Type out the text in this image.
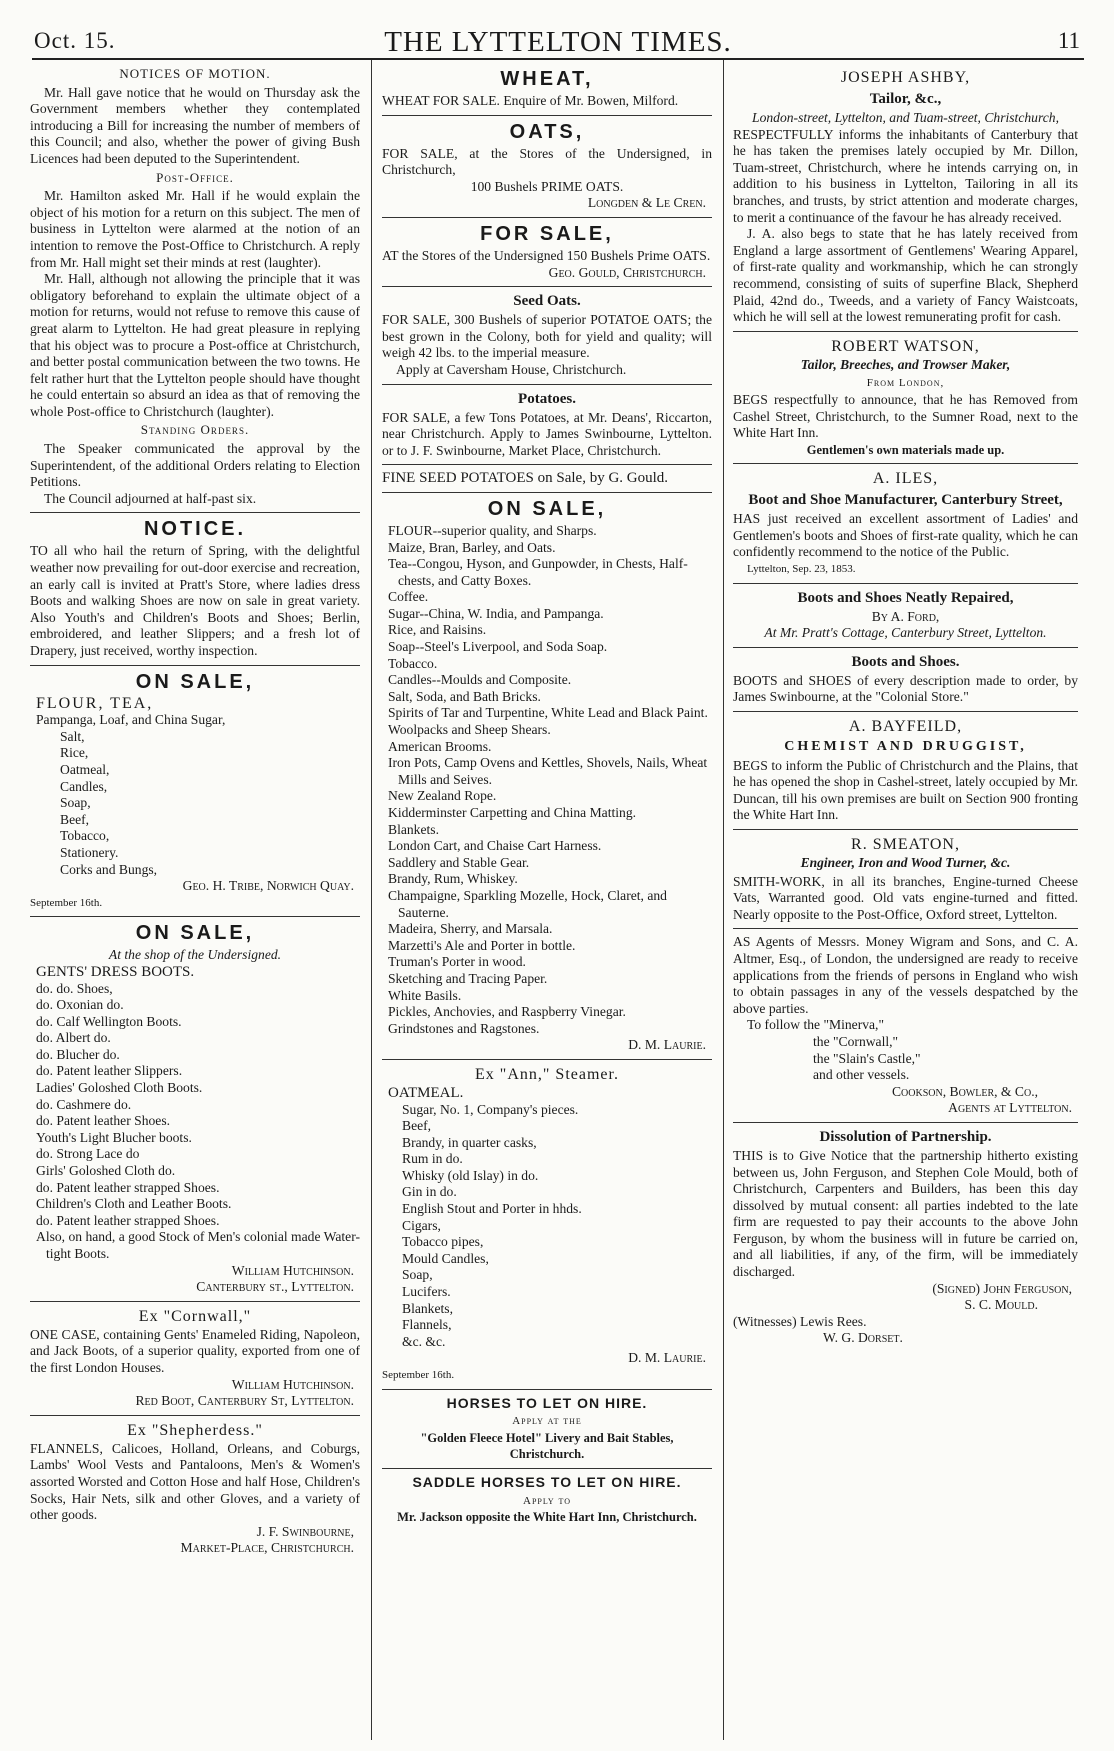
Oct. 15.	THE LYTTELTON TIMES.	11
NOTICES OF MOTION.

Mr. Hall gave notice that he would on Thursday ask the Government members whether they contemplated introducing a Bill for increasing the number of members of this Council; and also, whether the power of giving Bush Licences had been deputed to the Superintendent.

Post-Office.

Mr. Hamilton asked Mr. Hall if he would explain the object of his motion for a return on this subject. The men of business in Lyttelton were alarmed at the notion of an intention to remove the Post-Office to Christchurch. A reply from Mr. Hall might set their minds at rest (laughter).

Mr. Hall, although not allowing the principle that it was obligatory beforehand to explain the ultimate object of a motion for returns, would not refuse to remove this cause of great alarm to Lyttelton. He had great pleasure in replying that his object was to procure a Post-office at Christchurch, and better postal communication between the two towns. He felt rather hurt that the Lyttelton people should have thought he could entertain so absurd an idea as that of removing the whole Post-office to Christchurch (laughter).

Standing Orders.

The Speaker communicated the approval by the Superintendent, of the additional Orders relating to Election Petitions.

The Council adjourned at half-past six.

NOTICE.

TO all who hail the return of Spring, with the delightful weather now prevailing for out-door exercise and recreation, an early call is invited at Pratt's Store, where ladies dress Boots and walking Shoes are now on sale in great variety. Also Youth's and Children's Boots and Shoes; Berlin, embroidered, and leather Slippers; and a fresh lot of Drapery, just received, worthy inspection.

ON SALE,
FLOUR, TEA,
Pampanga, Loaf, and China Sugar,
Salt,
Rice,
Oatmeal,
Candles,
Soap,
Beef,
Tobacco,
Stationery.
Corks and Bungs,
Geo. H. Tribe, Norwich Quay.
September 16th.
ON SALE,
At the shop of the Undersigned.
GENTS' DRESS BOOTS.
do. do. Shoes,
do. Oxonian do.
do. Calf Wellington Boots.
do. Albert do.
do. Blucher do.
do. Patent leather Slippers.
Ladies' Goloshed Cloth Boots.
do. Cashmere do.
do. Patent leather Shoes.
Youth's Light Blucher boots.
do. Strong Lace do
Girls' Goloshed Cloth do.
do. Patent leather strapped Shoes.
Children's Cloth and Leather Boots.
do. Patent leather strapped Shoes.
Also, on hand, a good Stock of Men's colonial made Water-tight Boots.
William Hutchinson.
Canterbury st., Lyttelton.
Ex "Cornwall,"

ONE CASE, containing Gents' Enameled Riding, Napoleon, and Jack Boots, of a superior quality, exported from one of the first London Houses.

William Hutchinson.
Red Boot, Canterbury St, Lyttelton.
Ex "Shepherdess."

FLANNELS, Calicoes, Holland, Orleans, and Coburgs, Lambs' Wool Vests and Pantaloons, Men's & Women's assorted Worsted and Cotton Hose and half Hose, Children's Socks, Hair Nets, silk and other Gloves, and a variety of other goods.

J. F. Swinbourne,
Market-Place, Christchurch.
WHEAT,

WHEAT FOR SALE. Enquire of Mr. Bowen, Milford.

OATS,

FOR SALE, at the Stores of the Undersigned, in Christchurch,

100 Bushels PRIME OATS.
Longden & Le Cren.
FOR SALE,

AT the Stores of the Undersigned 150 Bushels Prime OATS.

Geo. Gould, Christchurch.
Seed Oats.

FOR SALE, 300 Bushels of superior POTATOE OATS; the best grown in the Colony, both for yield and quality; will weigh 42 lbs. to the imperial measure.

Apply at Caversham House, Christchurch.

Potatoes.

FOR SALE, a few Tons Potatoes, at Mr. Deans', Riccarton, near Christchurch. Apply to James Swinbourne, Lyttelton. or to J. F. Swinbourne, Market Place, Christchurch.

FINE SEED POTATOES on Sale, by G. Gould.

ON SALE,
FLOUR--superior quality, and Sharps.
Maize, Bran, Barley, and Oats.
Tea--Congou, Hyson, and Gunpowder, in Chests, Half-chests, and Catty Boxes.
Coffee.
Sugar--China, W. India, and Pampanga.
Rice, and Raisins.
Soap--Steel's Liverpool, and Soda Soap.
Tobacco.
Candles--Moulds and Composite.
Salt, Soda, and Bath Bricks.
Spirits of Tar and Turpentine, White Lead and Black Paint.
Woolpacks and Sheep Shears.
American Brooms.
Iron Pots, Camp Ovens and Kettles, Shovels, Nails, Wheat Mills and Seives.
New Zealand Rope.
Kidderminster Carpetting and China Matting.
Blankets.
London Cart, and Chaise Cart Harness.
Saddlery and Stable Gear.
Brandy, Rum, Whiskey.
Champaigne, Sparkling Mozelle, Hock, Claret, and Sauterne.
Madeira, Sherry, and Marsala.
Marzetti's Ale and Porter in bottle.
Truman's Porter in wood.
Sketching and Tracing Paper.
White Basils.
Pickles, Anchovies, and Raspberry Vinegar.
Grindstones and Ragstones.
D. M. Laurie.
Ex "Ann," Steamer.
OATMEAL.
Sugar, No. 1, Company's pieces.
Beef,
Brandy, in quarter casks,
Rum in do.
Whisky (old Islay) in do.
Gin in do.
English Stout and Porter in hhds.
Cigars,
Tobacco pipes,
Mould Candles,
Soap,
Lucifers.
Blankets,
Flannels,
&c. &c.
D. M. Laurie.
September 16th.
HORSES TO LET ON HIRE.
Apply at the
"Golden Fleece Hotel" Livery and Bait Stables, Christchurch.
SADDLE HORSES TO LET ON HIRE.
Apply to
Mr. Jackson opposite the White Hart Inn, Christchurch.
JOSEPH ASHBY,
Tailor, &c.,
London-street, Lyttelton, and Tuam-street, Christchurch,

RESPECTFULLY informs the inhabitants of Canterbury that he has taken the premises lately occupied by Mr. Dillon, Tuam-street, Christchurch, where he intends carrying on, in addition to his business in Lyttelton, Tailoring in all its branches, and trusts, by strict attention and moderate charges, to merit a continuance of the favour he has already received.

J. A. also begs to state that he has lately received from England a large assortment of Gentlemens' Wearing Apparel, of first-rate quality and workmanship, which he can strongly recommend, consisting of suits of superfine Black, Shepherd Plaid, 42nd do., Tweeds, and a variety of Fancy Waistcoats, which he will sell at the lowest remunerating profit for cash.

ROBERT WATSON,
Tailor, Breeches, and Trowser Maker,
From London,

BEGS respectfully to announce, that he has Removed from Cashel Street, Christchurch, to the Sumner Road, next to the White Hart Inn.

Gentlemen's own materials made up.
A. ILES,
Boot and Shoe Manufacturer, Canterbury Street,

HAS just received an excellent assortment of Ladies' and Gentlemen's boots and Shoes of first-rate quality, which he can confidently recommend to the notice of the Public.

Lyttelton, Sep. 23, 1853.
Boots and Shoes Neatly Repaired,
By A. Ford,
At Mr. Pratt's Cottage, Canterbury Street, Lyttelton.
Boots and Shoes.

BOOTS and SHOES of every description made to order, by James Swinbourne, at the "Colonial Store."

A. BAYFEILD,
CHEMIST AND DRUGGIST,

BEGS to inform the Public of Christchurch and the Plains, that he has opened the shop in Cashel-street, lately occupied by Mr. Duncan, till his own premises are built on Section 900 fronting the White Hart Inn.

R. SMEATON,
Engineer, Iron and Wood Turner, &c.

SMITH-WORK, in all its branches, Engine-turned Cheese Vats, Warranted good. Old vats engine-turned and fitted. Nearly opposite to the Post-Office, Oxford street, Lyttelton.

AS Agents of Messrs. Money Wigram and Sons, and C. A. Altmer, Esq., of London, the undersigned are ready to receive applications from the friends of persons in England who wish to obtain passages in any of the vessels despatched by the above parties.

To follow the "Minerva,"
the "Cornwall,"
the "Slain's Castle,"
and other vessels.
Cookson, Bowler, & Co.,
Agents at Lyttelton.
Dissolution of Partnership.

THIS is to Give Notice that the partnership hitherto existing between us, John Ferguson, and Stephen Cole Mould, both of Christchurch, Carpenters and Builders, has been this day dissolved by mutual consent: all parties indebted to the late firm are requested to pay their accounts to the above John Ferguson, by whom the business will in future be carried on, and all liabilities, if any, of the firm, will be immediately discharged.

(Signed) John Ferguson,
S. C. Mould.
(Witnesses) Lewis Rees.
W. G. Dorset.
